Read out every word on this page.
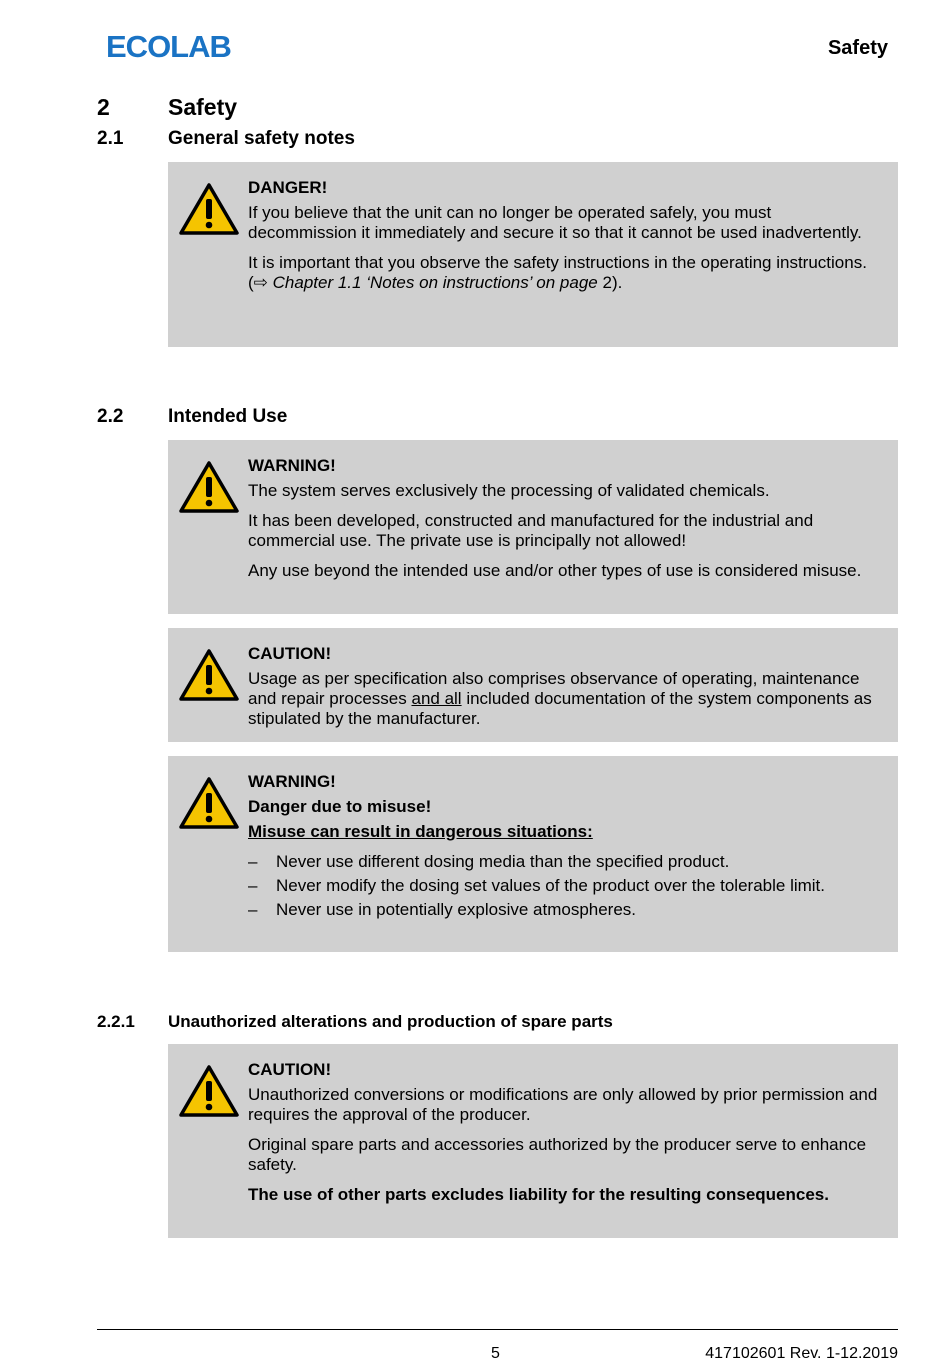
ECOLAB	Safety
2	Safety
2.1 General safety notes
DANGER!

If you believe that the unit can no longer be operated safely, you must decommission it immediately and secure it so that it cannot be used inadvertently.

It is important that you observe the safety instructions in the operating instructions.

(⇨ Chapter 1.1 ‘Notes on instructions’ on page 2).

2.2 Intended Use
WARNING!

The system serves exclusively the processing of validated chemicals.

It has been developed, constructed and manufactured for the industrial and commercial use. The private use is principally not allowed!

Any use beyond the intended use and/or other types of use is considered misuse.

CAUTION!

Usage as per specification also comprises observance of operating, maintenance and repair processes and all included documentation of the system components as stipulated by the manufacturer.

WARNING!

Danger due to misuse!

Misuse can result in dangerous situations:

– Never use different dosing media than the specified product.
– Never modify the dosing set values of the product over the tolerable limit.
– Never use in potentially explosive atmospheres.
2.2.1 Unauthorized alterations and production of spare parts
CAUTION!

Unauthorized conversions or modifications are only allowed by prior permission and requires the approval of the producer.

Original spare parts and accessories authorized by the producer serve to enhance safety.

The use of other parts excludes liability for the resulting consequences.

5	417102601 Rev. 1-12.2019
